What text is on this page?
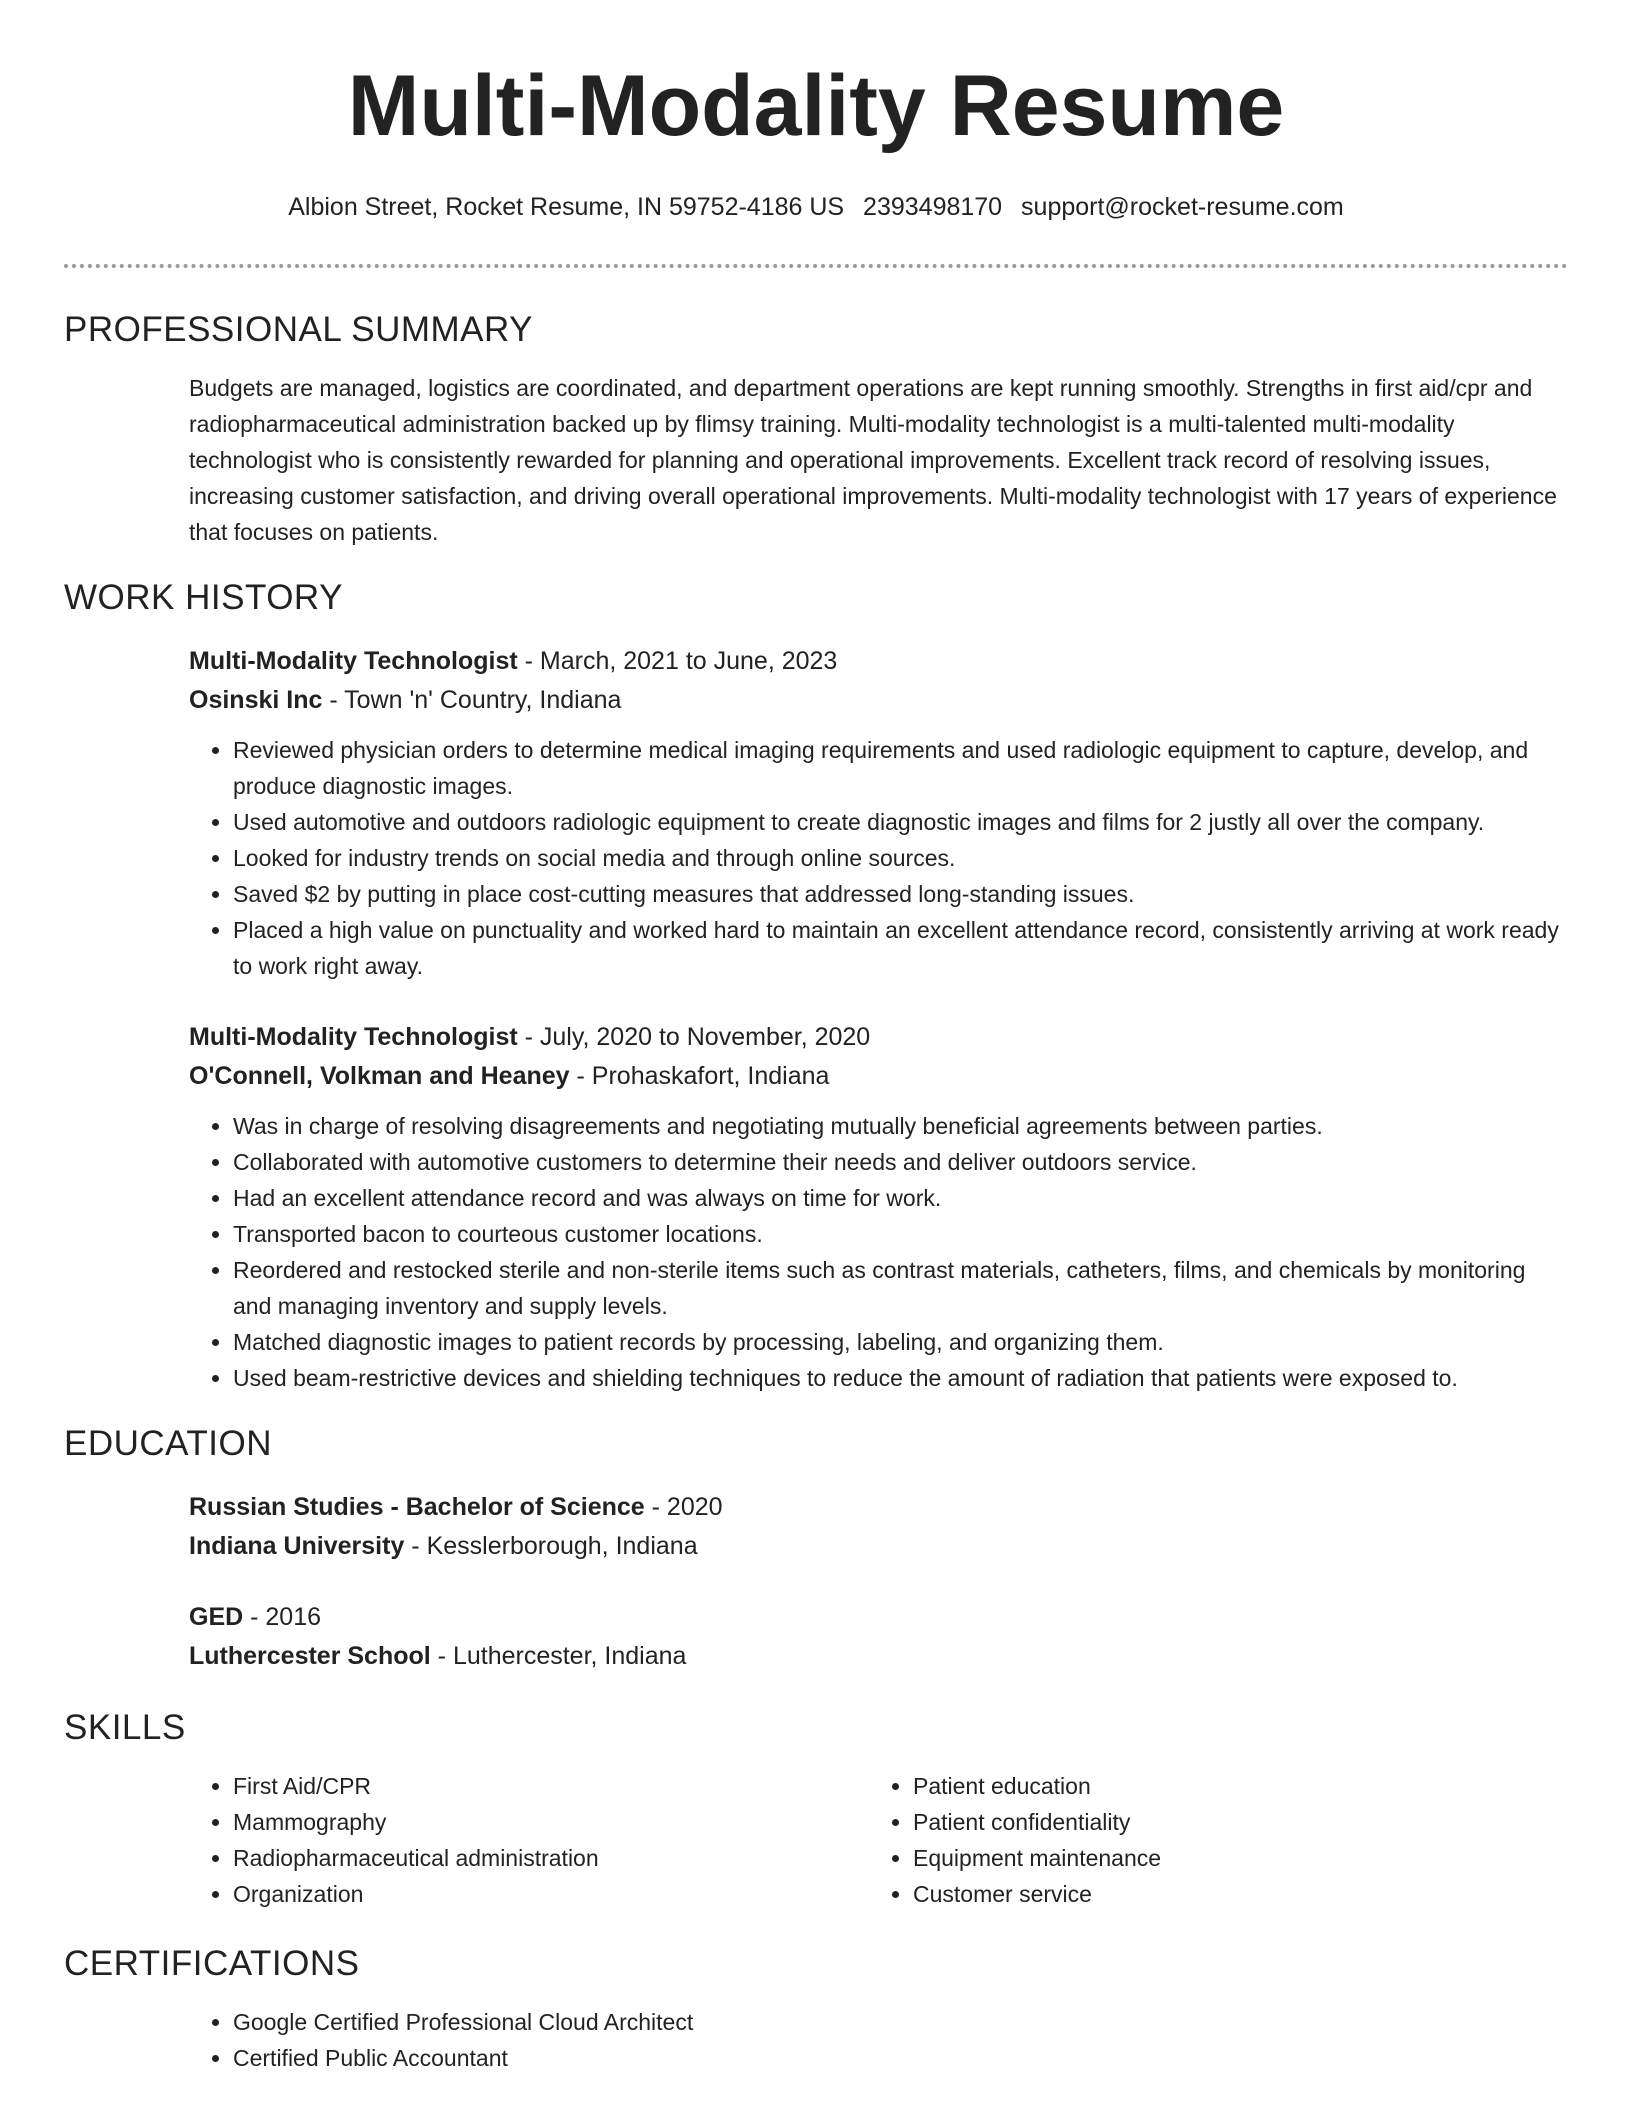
Multi-Modality Resume
Albion Street, Rocket Resume, IN 59752-4186 US 2393498170 support@rocket-resume.com
PROFESSIONAL SUMMARY
Budgets are managed, logistics are coordinated, and department operations are kept running smoothly. Strengths in first aid/cpr and radiopharmaceutical administration backed up by flimsy training. Multi-modality technologist is a multi-talented multi-modality technologist who is consistently rewarded for planning and operational improvements. Excellent track record of resolving issues, increasing customer satisfaction, and driving overall operational improvements. Multi-modality technologist with 17 years of experience that focuses on patients.
WORK HISTORY
Multi-Modality Technologist - March, 2021 to June, 2023
Osinski Inc - Town 'n' Country, Indiana
• Reviewed physician orders to determine medical imaging requirements and used radiologic equipment to capture, develop, and produce diagnostic images.
• Used automotive and outdoors radiologic equipment to create diagnostic images and films for 2 justly all over the company.
• Looked for industry trends on social media and through online sources.
• Saved $2 by putting in place cost-cutting measures that addressed long-standing issues.
• Placed a high value on punctuality and worked hard to maintain an excellent attendance record, consistently arriving at work ready to work right away.
Multi-Modality Technologist - July, 2020 to November, 2020
O'Connell, Volkman and Heaney - Prohaskafort, Indiana
• Was in charge of resolving disagreements and negotiating mutually beneficial agreements between parties.
• Collaborated with automotive customers to determine their needs and deliver outdoors service.
• Had an excellent attendance record and was always on time for work.
• Transported bacon to courteous customer locations.
• Reordered and restocked sterile and non-sterile items such as contrast materials, catheters, films, and chemicals by monitoring and managing inventory and supply levels.
• Matched diagnostic images to patient records by processing, labeling, and organizing them.
• Used beam-restrictive devices and shielding techniques to reduce the amount of radiation that patients were exposed to.
EDUCATION
Russian Studies - Bachelor of Science - 2020
Indiana University - Kesslerborough, Indiana
GED - 2016
Luthercester School - Luthercester, Indiana
SKILLS
• First Aid/CPR
• Mammography
• Radiopharmaceutical administration
• Organization
• Patient education
• Patient confidentiality
• Equipment maintenance
• Customer service
CERTIFICATIONS
• Google Certified Professional Cloud Architect
• Certified Public Accountant
